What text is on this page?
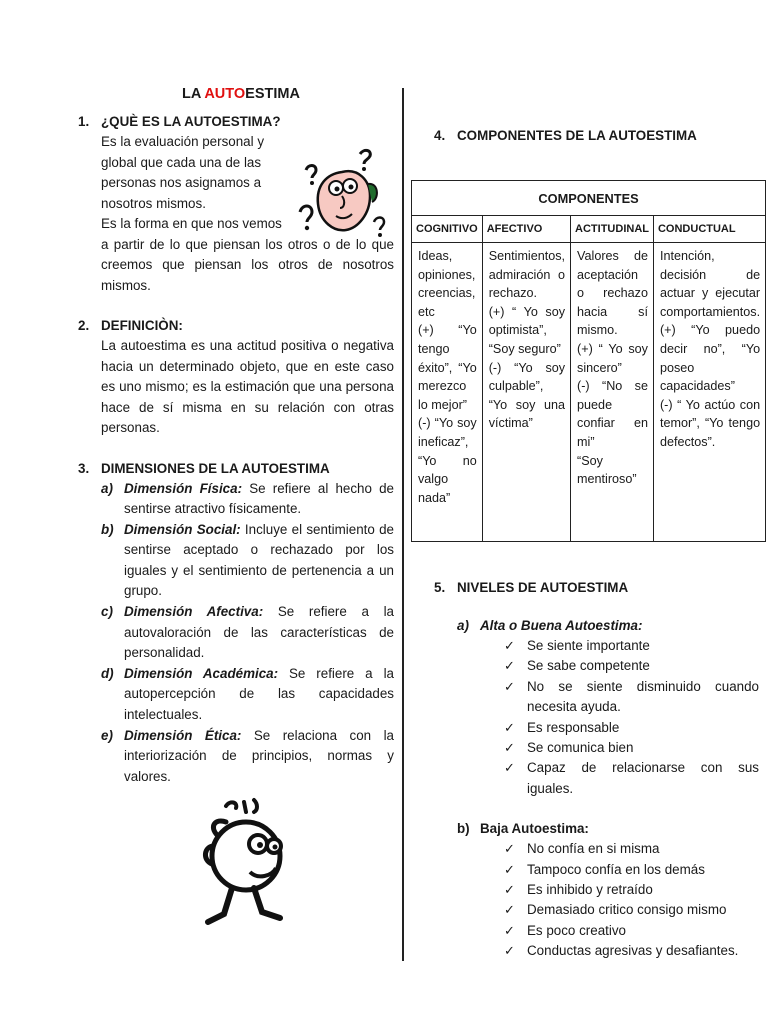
LA AUTOESTIMA
1. ¿QUÈ ES LA AUTOESTIMA?
Es la evaluación personal y
global que cada una de las
personas nos asignamos a
nosotros mismos.
Es la forma en que nos vemos
a partir de lo que piensan los otros o de lo que creemos que piensan los otros de nosotros mismos.
2. DEFINICIÒN:
La autoestima es una actitud positiva o negativa hacia un determinado objeto, que en este caso es uno mismo; es la estimación que una persona hace de sí misma en su relación con otras personas.
3. DIMENSIONES DE LA AUTOESTIMA
a) Dimensión Física: Se refiere al hecho de sentirse atractivo físicamente.
b) Dimensión Social: Incluye el sentimiento de sentirse aceptado o rechazado por los iguales y el sentimiento de pertenencia a un grupo.
c) Dimensión Afectiva: Se refiere a la autovaloración de las características de personalidad.
d) Dimensión Académica: Se refiere a la autopercepción de las capacidades intelectuales.
e) Dimensión Ética: Se relaciona con la interiorización de principios, normas y valores.
4. COMPONENTES DE LA AUTOESTIMA
COMPONENTES			
COGNITIVO	AFECTIVO	ACTITUDINAL	CONDUCTUAL

Ideas, opiniones, creencias, etc
(+) “Yo tengo éxito”, “Yo merezco lo mejor”
(-) “Yo soy ineficaz”, “Yo no valgo nada”	Sentimientos, admiración o rechazo.
(+) “ Yo soy optimista”, “Soy seguro”
(-) “Yo soy culpable”, “Yo soy una víctima”	Valores de aceptación o rechazo hacia sí mismo.
(+) “ Yo soy sincero”
(-) “No se puede confiar en mi”
“Soy mentiroso”	Intención, decisión de actuar y ejecutar comportamientos.
(+) “Yo puedo decir no”, “Yo poseo capacidades”
(-) “ Yo actúo con temor”, “Yo tengo defectos”.
5. NIVELES DE AUTOESTIMA
a) Alta o Buena Autoestima:
✓ Se siente importante
✓ Se sabe competente
✓ No se siente disminuido cuando necesita ayuda.
✓ Es responsable
✓ Se comunica bien
✓ Capaz de relacionarse con sus iguales.
b) Baja Autoestima:
✓ No confía en si misma
✓ Tampoco confía en los demás
✓ Es inhibido y retraído
✓ Demasiado critico consigo mismo
✓ Es poco creativo
✓ Conductas agresivas y desafiantes.
